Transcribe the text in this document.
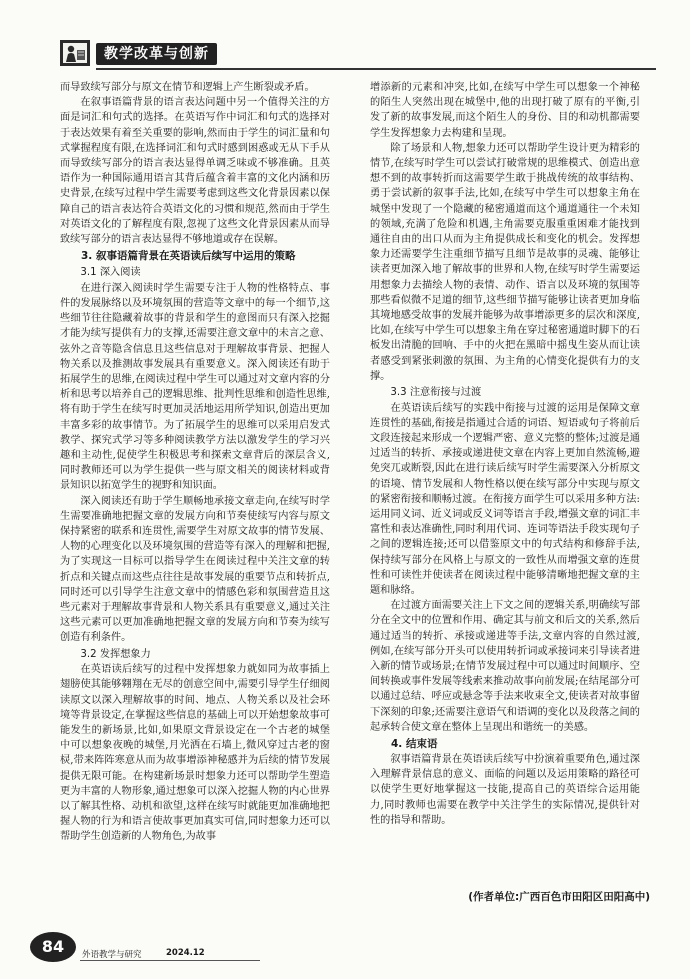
教学改革与创新

而导致续写部分与原文在情节和逻辑上产生断裂或矛盾。

在叙事语篇背景的语言表达问题中另一个值得关注的方面是词汇和句式的选择。在英语写作中词汇和句式的选择对于表达效果有着至关重要的影响,然而由于学生的词汇量和句式掌握程度有限,在选择词汇和句式时感到困惑或无从下手从而导致续写部分的语言表达显得单调乏味或不够准确。且英语作为一种国际通用语言其背后蕴含着丰富的文化内涵和历史背景,在续写过程中学生需要考虑到这些文化背景因素以保障自己的语言表达符合英语文化的习惯和规范,然而由于学生对英语文化的了解程度有限,忽视了这些文化背景因素从而导致续写部分的语言表达显得不够地道或存在误解。

3. 叙事语篇背景在英语读后续写中运用的策略
3.1 深入阅读

在进行深入阅读时学生需要专注于人物的性格特点、事件的发展脉络以及环境氛围的营造等文章中的每一个细节,这些细节往往隐藏着故事的背景和学生的意图而只有深入挖掘才能为续写提供有力的支撑,还需要注意文章中的未言之意、弦外之音等隐含信息且这些信息对于理解故事背景、把握人物关系以及推测故事发展具有重要意义。深入阅读还有助于拓展学生的思维,在阅读过程中学生可以通过对文章内容的分析和思考以培养自己的逻辑思维、批判性思维和创造性思维,将有助于学生在续写时更加灵活地运用所学知识,创造出更加丰富多彩的故事情节。为了拓展学生的思维可以采用启发式教学、探究式学习等多种阅读教学方法以激发学生的学习兴趣和主动性,促使学生积极思考和探索文章背后的深层含义,同时教师还可以为学生提供一些与原文相关的阅读材料或背景知识以拓宽学生的视野和知识面。

深入阅读还有助于学生顺畅地承接文章走向,在续写时学生需要准确地把握文章的发展方向和节奏使续写内容与原文保持紧密的联系和连贯性,需要学生对原文故事的情节发展、人物的心理变化以及环境氛围的营造等有深入的理解和把握,为了实现这一目标可以指导学生在阅读过程中关注文章的转折点和关键点而这些点往往是故事发展的重要节点和转折点,同时还可以引导学生注意文章中的情感色彩和氛围营造且这些元素对于理解故事背景和人物关系具有重要意义,通过关注这些元素可以更加准确地把握文章的发展方向和节奏为续写创造有利条件。

3.2 发挥想象力

在英语读后续写的过程中发挥想象力就如同为故事插上翅膀使其能够翱翔在无尽的创意空间中,需要引导学生仔细阅读原文以深入理解故事的时间、地点、人物关系以及社会环境等背景设定,在掌握这些信息的基础上可以开始想象故事可能发生的新场景,比如,如果原文背景设定在一个古老的城堡中可以想象夜晚的城堡,月光洒在石墙上,微风穿过古老的窗棂,带来阵阵寒意从而为故事增添神秘感并为后续的情节发展提供无限可能。在构建新场景时想象力还可以帮助学生塑造更为丰富的人物形象,通过想象可以深入挖掘人物的内心世界以了解其性格、动机和欲望,这样在续写时就能更加准确地把握人物的行为和语言使故事更加真实可信,同时想象力还可以帮助学生创造新的人物角色,为故事

增添新的元素和冲突,比如,在续写中学生可以想象一个神秘的陌生人突然出现在城堡中,他的出现打破了原有的平衡,引发了新的故事发展,而这个陌生人的身份、目的和动机都需要学生发挥想象力去构建和呈现。

除了场景和人物,想象力还可以帮助学生设计更为精彩的情节,在续写时学生可以尝试打破常规的思维模式、创造出意想不到的故事转折而这需要学生敢于挑战传统的故事结构、勇于尝试新的叙事手法,比如,在续写中学生可以想象主角在城堡中发现了一个隐藏的秘密通道而这个通道通往一个未知的领域,充满了危险和机遇,主角需要克服重重困难才能找到通往自由的出口从而为主角提供成长和变化的机会。发挥想象力还需要学生注重细节描写且细节是故事的灵魂、能够让读者更加深入地了解故事的世界和人物,在续写时学生需要运用想象力去描绘人物的表情、动作、语言以及环境的氛围等那些看似微不足道的细节,这些细节描写能够让读者更加身临其境地感受故事的发展并能够为故事增添更多的层次和深度,比如,在续写中学生可以想象主角在穿过秘密通道时脚下的石板发出清脆的回响、手中的火把在黑暗中摇曳生姿从而让读者感受到紧张刺激的氛围、为主角的心情变化提供有力的支撑。

3.3 注意衔接与过渡

在英语读后续写的实践中衔接与过渡的运用是保障文章连贯性的基础,衔接是指通过合适的词语、短语或句子将前后文段连接起来形成一个逻辑严密、意义完整的整体;过渡是通过适当的转折、承接或递进使文章在内容上更加自然流畅,避免突兀或断裂,因此在进行读后续写时学生需要深入分析原文的语境、情节发展和人物性格以便在续写部分中实现与原文的紧密衔接和顺畅过渡。在衔接方面学生可以采用多种方法:运用同义词、近义词或反义词等语言手段,增强文章的词汇丰富性和表达准确性,同时利用代词、连词等语法手段实现句子之间的逻辑连接;还可以借鉴原文中的句式结构和修辞手法,保持续写部分在风格上与原文的一致性从而增强文章的连贯性和可读性并使读者在阅读过程中能够清晰地把握文章的主题和脉络。

在过渡方面需要关注上下文之间的逻辑关系,明确续写部分在全文中的位置和作用、确定其与前文和后文的关系,然后通过适当的转折、承接或递进等手法,文章内容的自然过渡,例如,在续写部分开头可以使用转折词或承接词来引导读者进入新的情节或场景;在情节发展过程中可以通过时间顺序、空间转换或事件发展等线索来推动故事向前发展;在结尾部分可以通过总结、呼应或悬念等手法来收束全文,使读者对故事留下深刻的印象;还需要注意语气和语调的变化以及段落之间的起承转合使文章在整体上呈现出和谐统一的美感。

4. 结束语

叙事语篇背景在英语读后续写中扮演着重要角色,通过深入理解背景信息的意义、面临的问题以及运用策略的路径可以使学生更好地掌握这一技能,提高自己的英语综合运用能力,同时教师也需要在教学中关注学生的实际情况,提供针对性的指导和帮助。

(作者单位:广西百色市田阳区田阳高中)
84	外语教学与研究	2024.12
